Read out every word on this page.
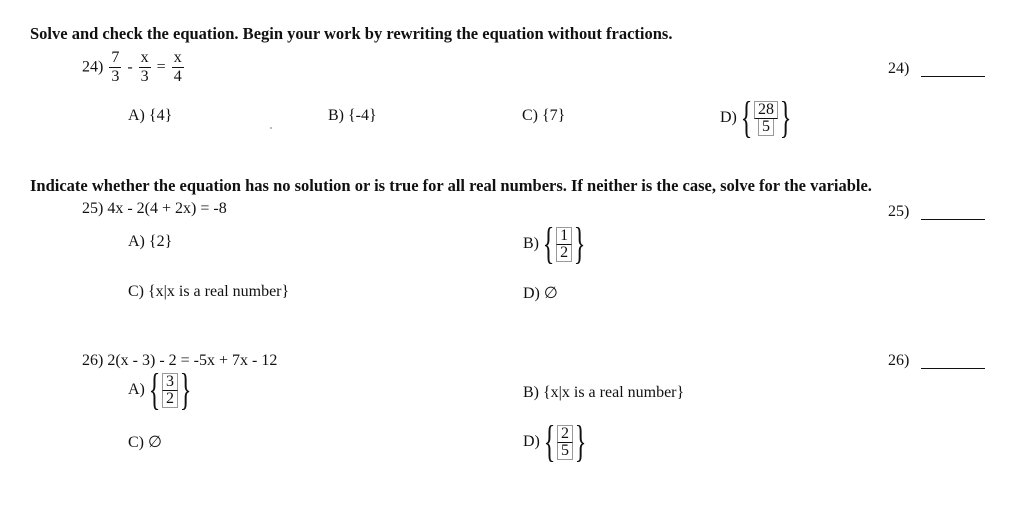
Solve and check the equation. Begin your work by rewriting the equation without fractions.
$24) \frac{7}{3} - \frac{x}{3} = \frac{x}{4}$	24)
A) {4}	B) {-4}	C) {7}	D) { $\frac{28}{5}$ }
Indicate whether the equation has no solution or is true for all real numbers. If neither is the case, solve for the variable.
25) 4x - 2(4 + 2x) = -8	25)
A) {2}	B) { $\frac{1}{2}$ }
C) {x|x is a real number}	D) ∅
26) 2(x - 3) - 2 = -5x + 7x - 12	26)
A) { $\frac{3}{2}$ }	B) {x|x is a real number}
C) ∅	D) { $\frac{2}{5}$ }
